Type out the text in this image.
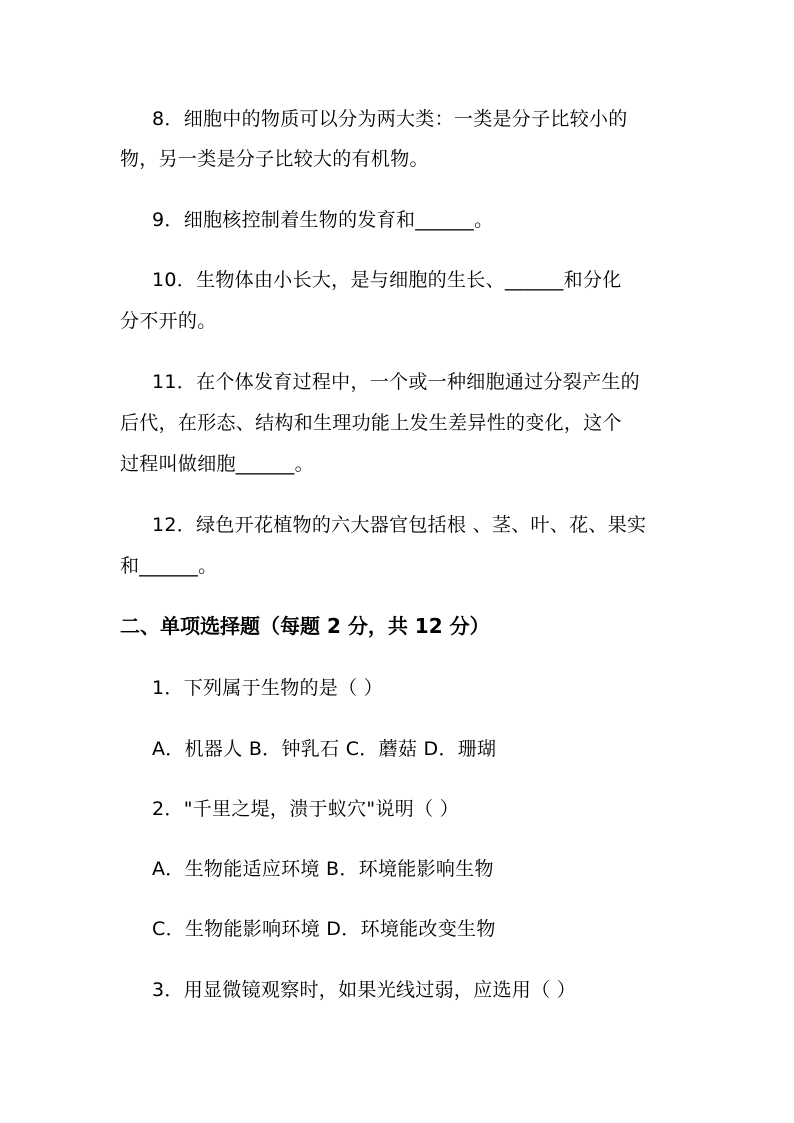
8．细胞中的物质可以分为两大类：一类是分子比较小的
物，另一类是分子比较大的有机物。
9．细胞核控制着生物的发育和______。
10．生物体由小长大，是与细胞的生长、______和分化
分不开的。
11．在个体发育过程中，一个或一种细胞通过分裂产生的
后代，在形态、结构和生理功能上发生差异性的变化，这个
过程叫做细胞______。
12．绿色开花植物的六大器官包括根 、茎、叶、花、果实
和______。
二、单项选择题（每题 2 分，共 12 分）
1．下列属于生物的是（ ）
A．机器人 B．钟乳石 C．蘑菇 D．珊瑚
2．"千里之堤，溃于蚁穴"说明（ ）
A．生物能适应环境 B．环境能影响生物
C．生物能影响环境 D．环境能改变生物
3．用显微镜观察时，如果光线过弱，应选用（ ）
